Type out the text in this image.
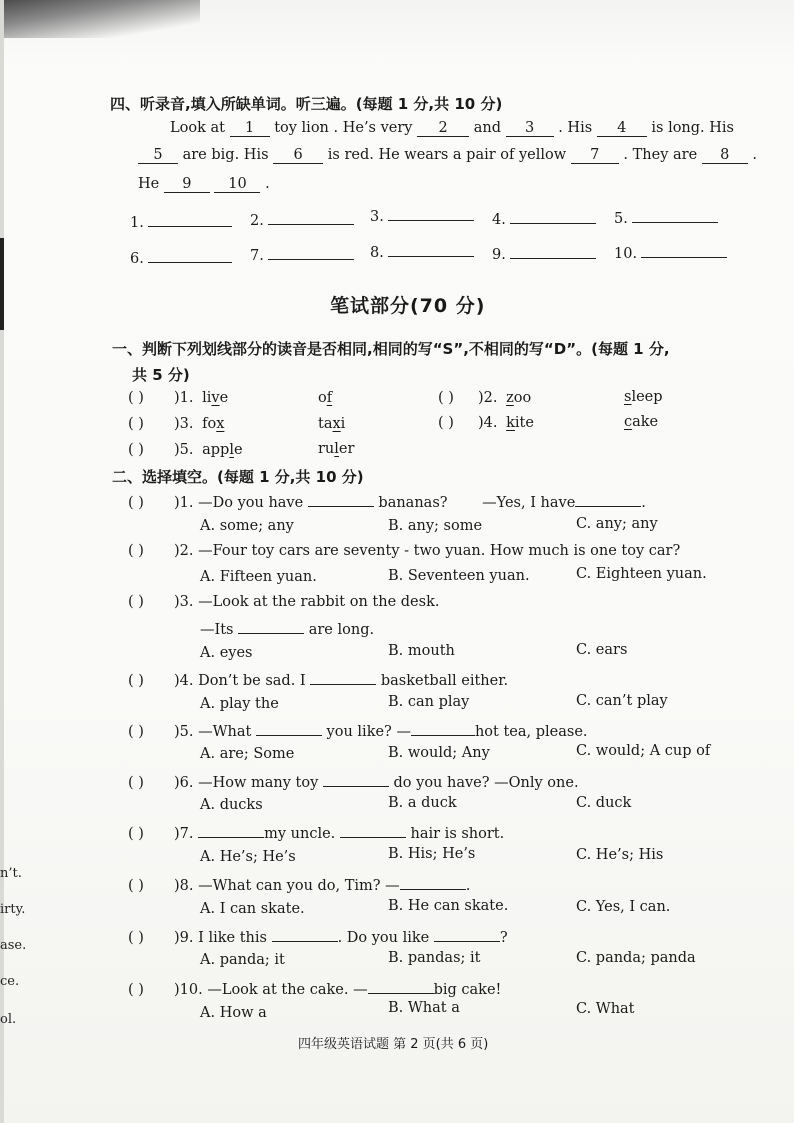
四、听录音,填入所缺单词。听三遍。(每题 1 分,共 10 分)
Look at 1 toy lion . He’s very 2 and 3 . His 4 is long. His
5 are big. His 6 is red. He wears a pair of yellow 7 . They are 8 .
He 9	10 .
1.	2.	3.	4.	5.
6.	7.	8.	9.	10.
笔试部分(70 分)
一、判断下列划线部分的读音是否相同,相同的写“S”,不相同的写“D”。(每题 1 分,
共 5 分)
( ) )1. live	of	( ) )2. zoo	sleep
( ) )3. fox	taxi	( ) )4. kite	cake
( ) )5. apple	ruler
二、选择填空。(每题 1 分,共 10 分)
( ) )1. —Do you have	bananas? —Yes, I have	.
A. some; any	B. any; some	C. any; any
( ) )2. —Four toy cars are seventy - two yuan. How much is one toy car?
A. Fifteen yuan.	B. Seventeen yuan.	C. Eighteen yuan.
( ) )3. —Look at the rabbit on the desk.
—Its	are long.
A. eyes	B. mouth	C. ears
( ) )4. Don’t be sad. I	basketball either.
A. play the	B. can play	C. can’t play
( ) )5. —What	you like? —	hot tea, please.
A. are; Some	B. would; Any	C. would; A cup of
( ) )6. —How many toy	do you have? —Only one.
A. ducks	B. a duck	C. duck
( ) )7.	my uncle.	hair is short.
A. He’s; He’s	B. His; He’s	C. He’s; His
( ) )8. —What can you do, Tim? —	.
A. I can skate.	B. He can skate.	C. Yes, I can.
( ) )9. I like this	. Do you like	?
A. panda; it	B. pandas; it	C. panda; panda
( ) )10. —Look at the cake. —	big cake!
A. How a	B. What a	C. What
n’t.
irty.
ase.
ce.
ol.
四年级英语试题 第 2 页(共 6 页)
